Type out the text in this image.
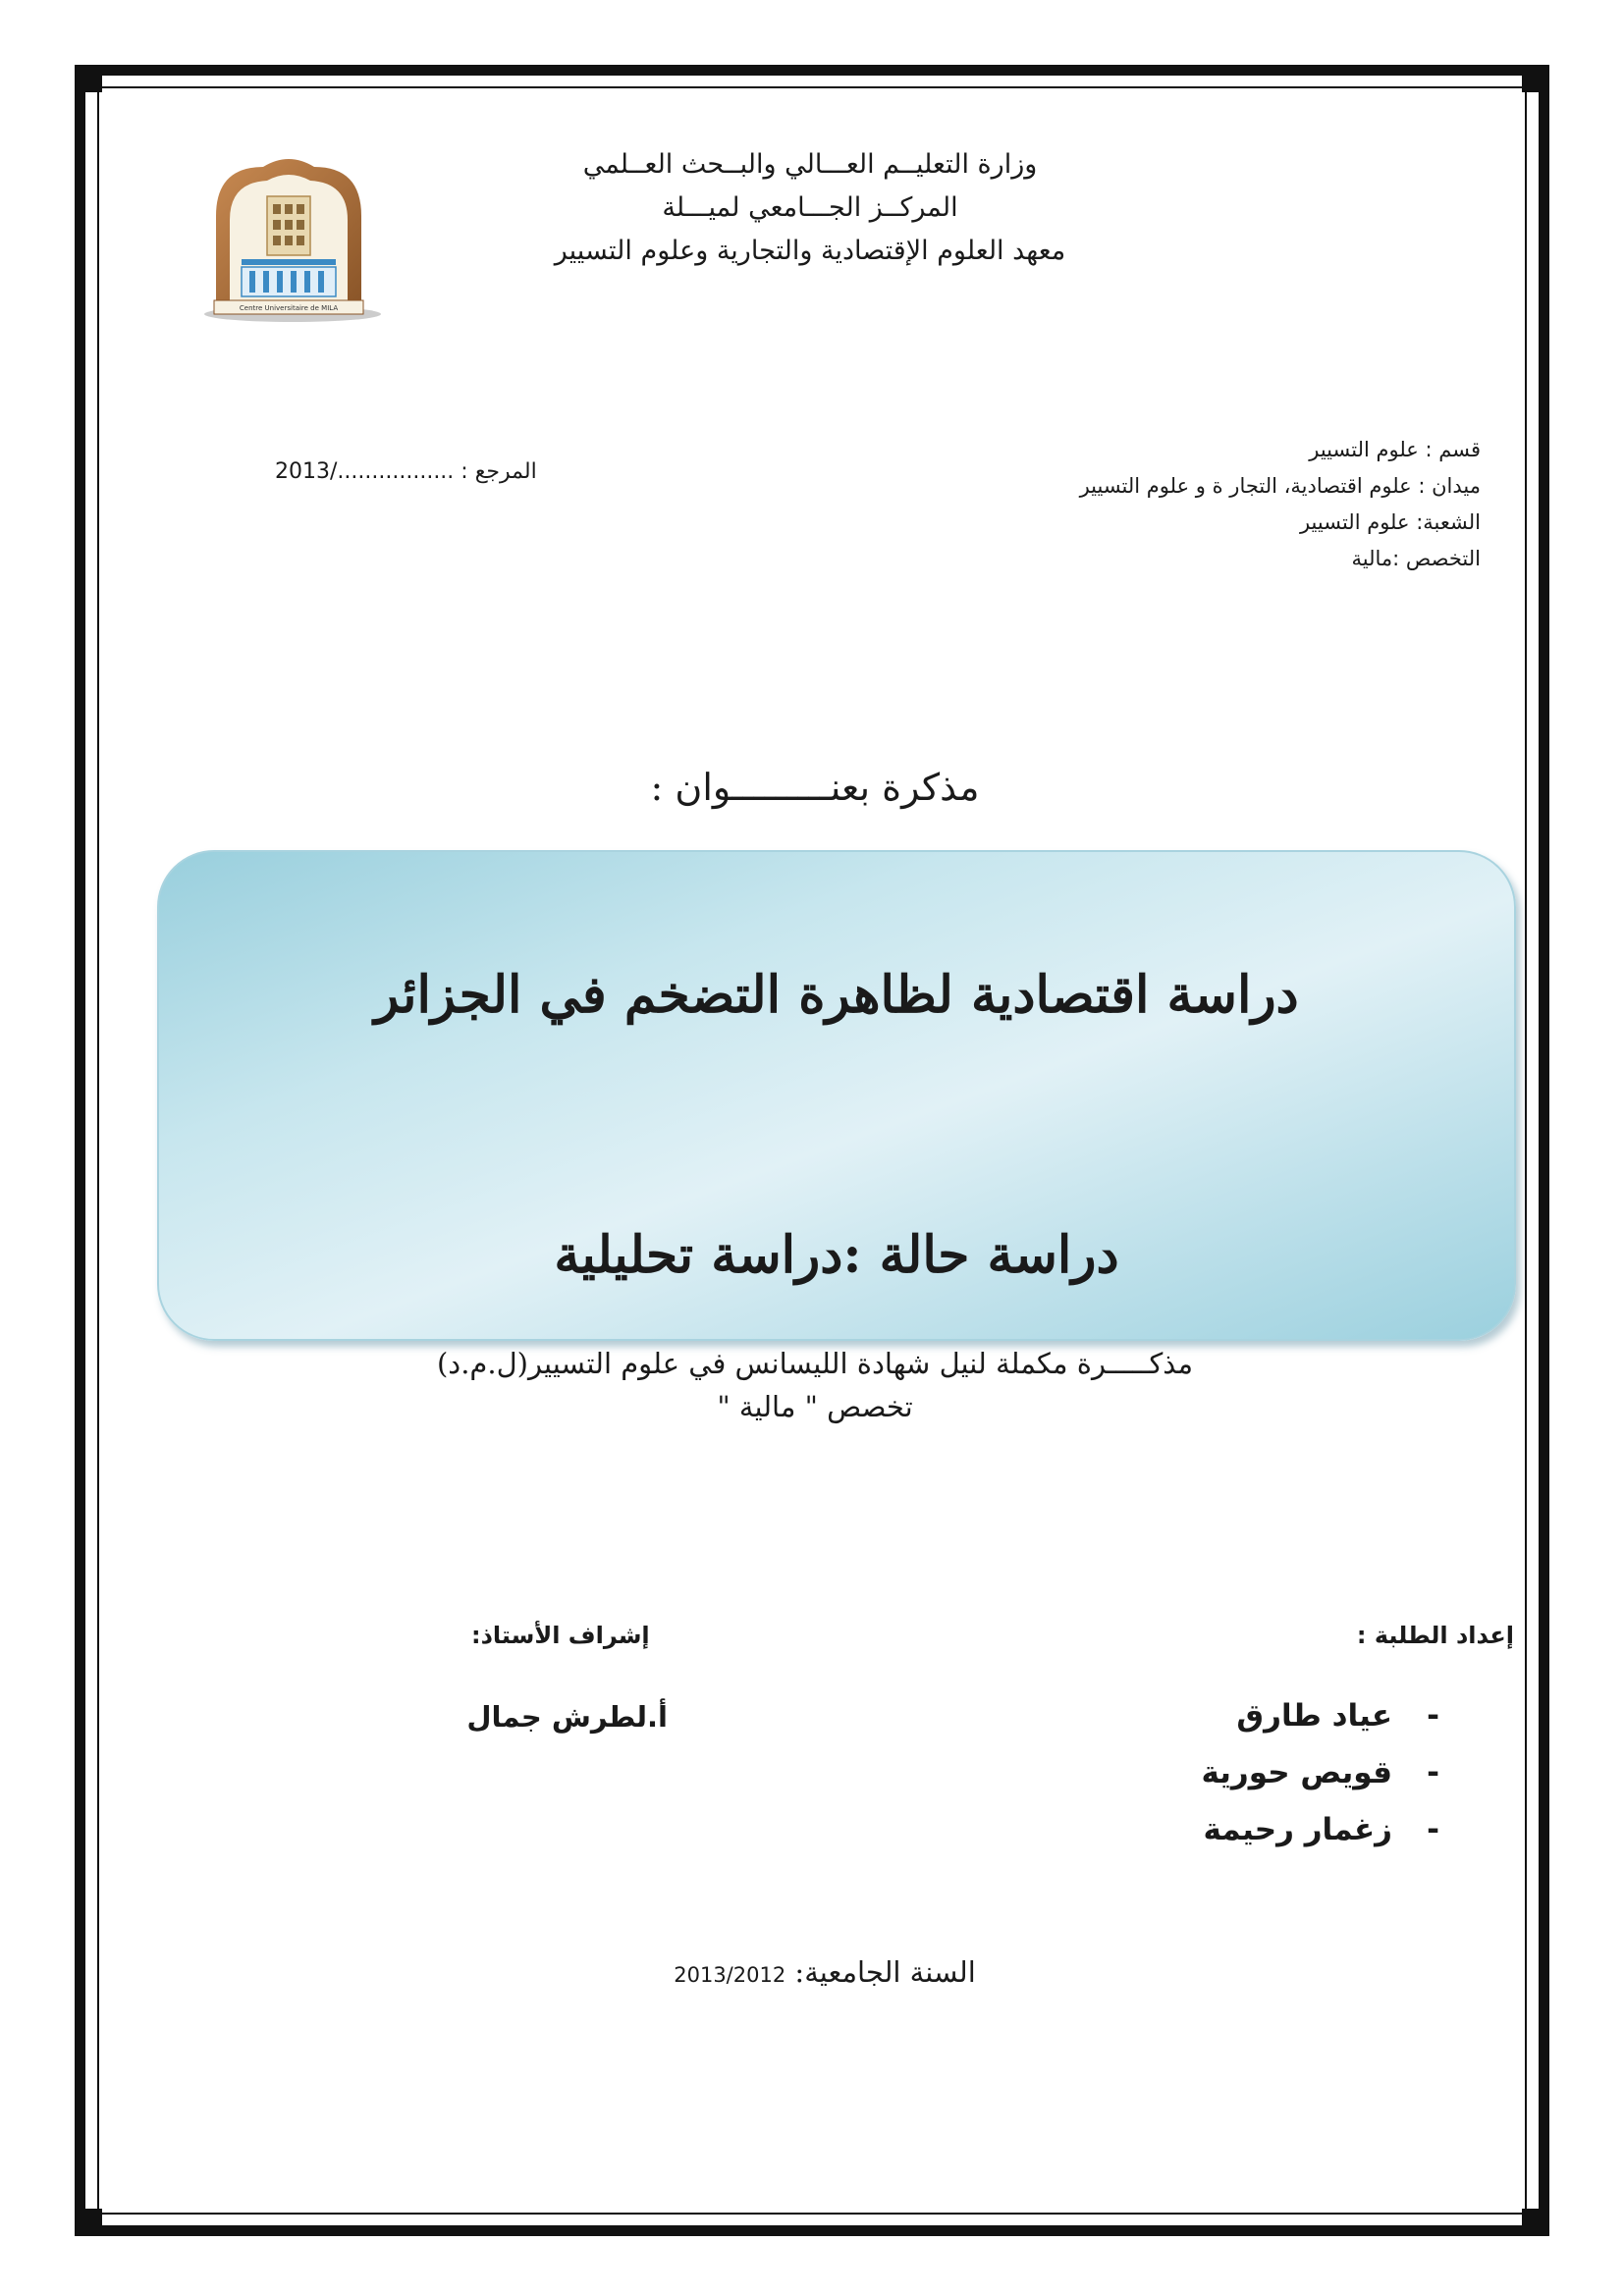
Centre Universitaire de MILA
وزارة التعليــم العـــالي والبــحث العــلمي
المركــز الجـــامعي لميـــلة
معهد العلوم الإقتصادية والتجارية وعلوم التسيير
قسم : علوم التسيير
ميدان : علوم اقتصادية، التجار ة و علوم التسيير
الشعبة: علوم التسيير
التخصص :مالية
المرجع : ................./2013
مذكرة بعنـــــــــوان :
دراسة اقتصادية لظاهرة التضخم في الجزائر
دراسة حالة :دراسة تحليلية
مذكـــــرة مكملة لنيل شهادة الليسانس في علوم التسيير(ل.م.د)
تخصص " مالية "
إعداد الطلبة :
إشراف الأستاذ:
-عياد طارق
-قويص حورية
-زغمار رحيمة
أ.لطرش جمال
السنة الجامعية: 2013/2012
